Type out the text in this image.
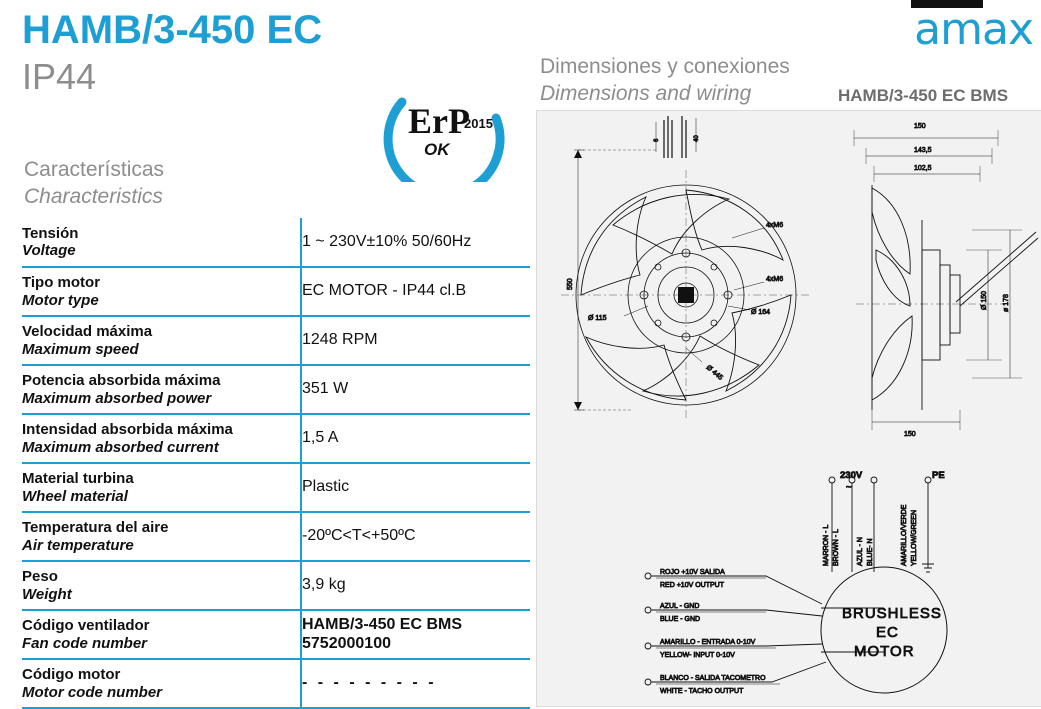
HAMB/3-450 EC
IP44
amax
Dimensiones y conexiones
Dimensions and wiring	HAMB/3-450 EC BMS
ErP
2015
OK
Características
Characteristics
Tensión
Voltage	1 ~ 230V±10% 50/60Hz

Tipo motor
Motor type	EC MOTOR - IP44 cl.B

Velocidad máxima
Maximum speed	1248 RPM

Potencia absorbida máxima
Maximum absorbed power	351 W

Intensidad absorbida máxima
Maximum absorbed current	1,5 A

Material turbina
Wheel material	Plastic

Temperatura del aire
Air temperature	-20ºC<T<+50ºC

Peso
Weight	3,9 kg

Código ventilador
Fan code number	HAMB/3-450 EC BMS
5752000100

Código motor
Motor code number	- - - - - - - - -
6	40
550
4xM6
4xM6
Ø 115
Ø 164
Ø 445
150
143,5
102,5
Ø 150 ø 178
150
BRUSHLESS
EC
MOTOR
230V
~
PE
MARRON - L BROWN - L AZUL - N BLUE- N	AMARILLO/VERDE YELLOW/GREEN
ROJO +10V SALIDA
RED +10V OUTPUT
AZUL - GND
BLUE - GND
AMARILLO - ENTRADA 0-10V
YELLOW- INPUT 0-10V
BLANCO - SALIDA TACOMETRO
WHITE - TACHO OUTPUT
